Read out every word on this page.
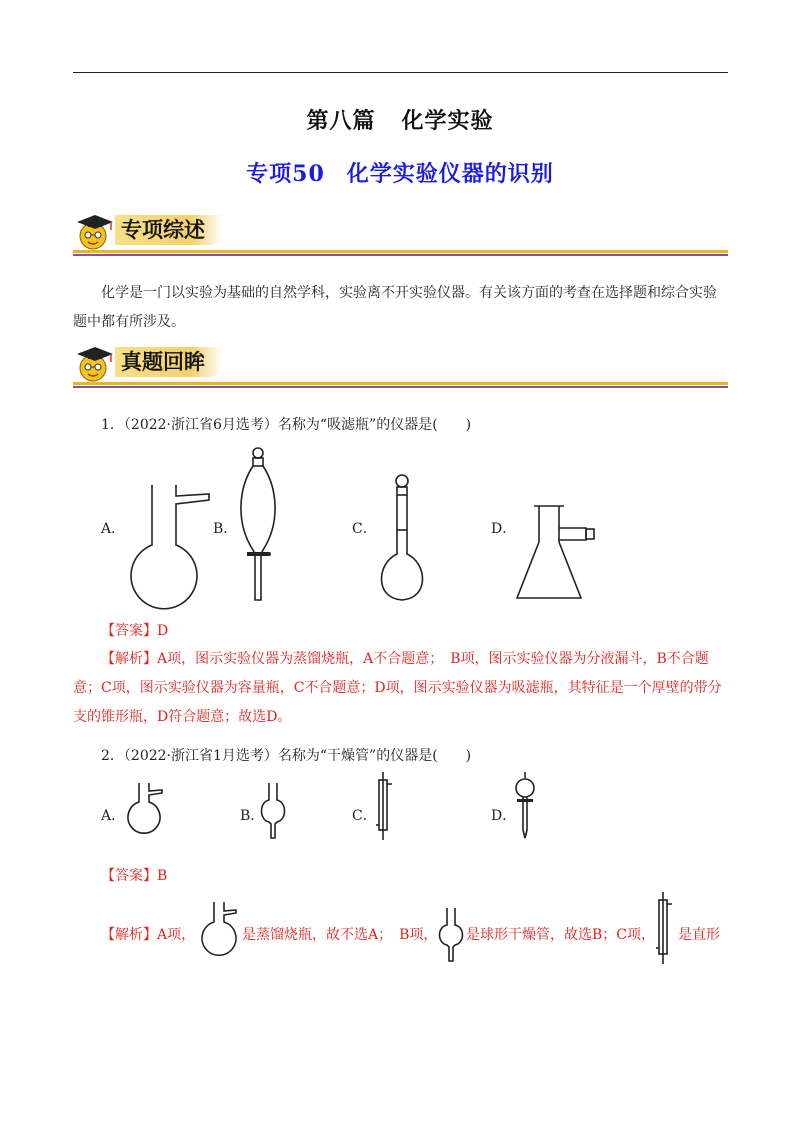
第八篇 化学实验
专项50 化学实验仪器的识别
专项综述
化学是一门以实验为基础的自然学科，实验离不开实验仪器。有关该方面的考查在选择题和综合实验题中都有所涉及。
真题回眸
1．（2022·浙江省6月选考）名称为“吸滤瓶”的仪器是(　　)
A．	B．	C．	D．
【答案】D
【解析】A项，图示实验仪器为蒸馏烧瓶，A不合题意；　B项，图示实验仪器为分液漏斗，B不合题意；C项，图示实验仪器为容量瓶，C不合题意；D项，图示实验仪器为吸滤瓶，其特征是一个厚壁的带分支的锥形瓶，D符合题意；故选D。
2．（2022·浙江省1月选考）名称为“干燥管”的仪器是(　　)
A．	B．	C．	D．
【答案】B
【解析】A项，	是蒸馏烧瓶，故不选A；　B项， 是球形干燥管，故选B；C项， 是直形
